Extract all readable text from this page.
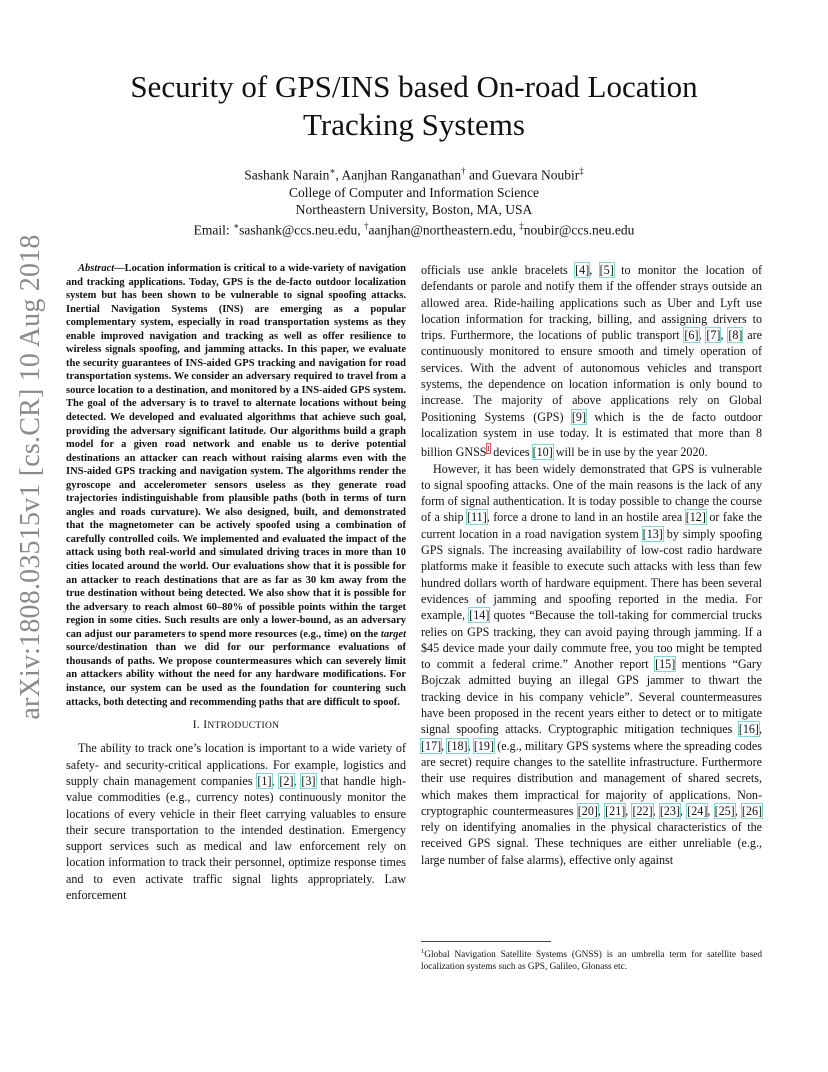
arXiv:1808.03515v1 [cs.CR] 10 Aug 2018
Security of GPS/INS based On-road Location
Tracking Systems
Sashank Narain∗, Aanjhan Ranganathan† and Guevara Noubir‡
College of Computer and Information Science
Northeastern University, Boston, MA, USA
Email: ∗sashank@ccs.neu.edu, †aanjhan@northeastern.edu, ‡noubir@ccs.neu.edu

Abstract—Location information is critical to a wide-variety of navigation and tracking applications. Today, GPS is the de-facto outdoor localization system but has been shown to be vulnerable to signal spoofing attacks. Inertial Navigation Systems (INS) are emerging as a popular complementary system, especially in road transportation systems as they enable improved navigation and tracking as well as offer resilience to wireless signals spoofing, and jamming attacks. In this paper, we evaluate the security guarantees of INS-aided GPS tracking and navigation for road transportation systems. We consider an adversary required to travel from a source location to a destination, and monitored by a INS-aided GPS system. The goal of the adversary is to travel to alternate locations without being detected. We developed and evaluated algorithms that achieve such goal, providing the adversary significant latitude. Our algorithms build a graph model for a given road network and enable us to derive potential destinations an attacker can reach without raising alarms even with the INS-aided GPS tracking and navigation system. The algorithms render the gyroscope and accelerometer sensors useless as they generate road trajectories indistinguishable from plausible paths (both in terms of turn angles and roads curvature). We also designed, built, and demonstrated that the magnetometer can be actively spoofed using a combination of carefully controlled coils. We implemented and evaluated the impact of the attack using both real-world and simulated driving traces in more than 10 cities located around the world. Our evaluations show that it is possible for an attacker to reach destinations that are as far as 30 km away from the true destination without being detected. We also show that it is possible for the adversary to reach almost 60–80% of possible points within the target region in some cities. Such results are only a lower-bound, as an adversary can adjust our parameters to spend more resources (e.g., time) on the target source/destination than we did for our performance evaluations of thousands of paths. We propose countermeasures which can severely limit an attackers ability without the need for any hardware modifications. For instance, our system can be used as the foundation for countering such attacks, both detecting and recommending paths that are difficult to spoof.

I. INTRODUCTION

The ability to track one’s location is important to a wide variety of safety- and security-critical applications. For example, logistics and supply chain management companies [1], [2], [3] that handle high-value commodities (e.g., currency notes) continuously monitor the locations of every vehicle in their fleet carrying valuables to ensure their secure transportation to the intended destination. Emergency support services such as medical and law enforcement rely on location information to track their personnel, optimize response times and to even activate traffic signal lights appropriately. Law enforcement

officials use ankle bracelets [4], [5] to monitor the location of defendants or parole and notify them if the offender strays outside an allowed area. Ride-hailing applications such as Uber and Lyft use location information for tracking, billing, and assigning drivers to trips. Furthermore, the locations of public transport [6], [7], [8] are continuously monitored to ensure smooth and timely operation of services. With the advent of autonomous vehicles and transport systems, the dependence on location information is only bound to increase. The majority of above applications rely on Global Positioning Systems (GPS) [9] which is the de facto outdoor localization system in use today. It is estimated that more than 8 billion GNSS$^1$ devices [10] will be in use by the year 2020.

However, it has been widely demonstrated that GPS is vulnerable to signal spoofing attacks. One of the main reasons is the lack of any form of signal authentication. It is today possible to change the course of a ship [11], force a drone to land in an hostile area [12] or fake the current location in a road navigation system [13] by simply spoofing GPS signals. The increasing availability of low-cost radio hardware platforms make it feasible to execute such attacks with less than few hundred dollars worth of hardware equipment. There has been several evidences of jamming and spoofing reported in the media. For example, [14] quotes “Because the toll-taking for commercial trucks relies on GPS tracking, they can avoid paying through jamming. If a $45 device made your daily commute free, you too might be tempted to commit a federal crime.” Another report [15] mentions “Gary Bojczak admitted buying an illegal GPS jammer to thwart the tracking device in his company vehicle”. Several countermeasures have been proposed in the recent years either to detect or to mitigate signal spoofing attacks. Cryptographic mitigation techniques [16], [17], [18], [19] (e.g., military GPS systems where the spreading codes are secret) require changes to the satellite infrastructure. Furthermore their use requires distribution and management of shared secrets, which makes them impractical for majority of applications. Non-cryptographic countermeasures [20], [21], [22], [23], [24], [25], [26] rely on identifying anomalies in the physical characteristics of the received GPS signal. These techniques are either unreliable (e.g., large number of false alarms), effective only against

$^1$Global Navigation Satellite Systems (GNSS) is an umbrella term for satellite based localization systems such as GPS, Galileo, Glonass etc.
